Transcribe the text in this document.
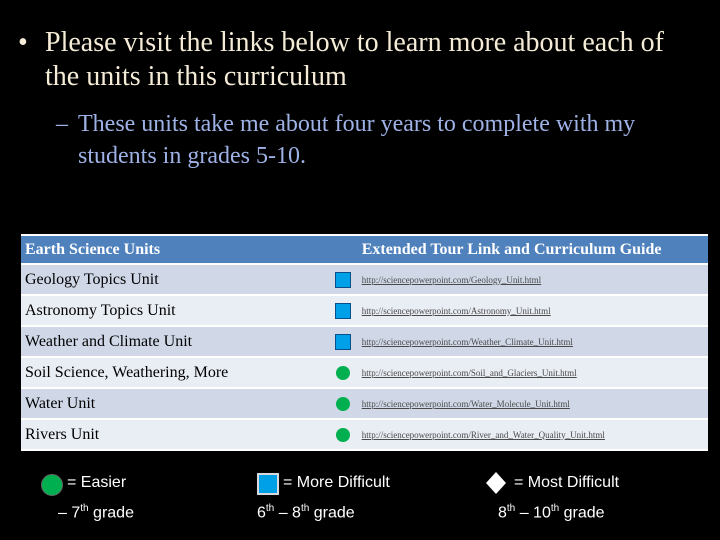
• Please visit the links below to learn more about each of the units in this curriculum
– These units take me about four years to complete with my students in grades 5-10.
Earth Science Units		Extended Tour Link and Curriculum Guide
Geology Topics Unit		http://sciencepowerpoint.com/Geology_Unit.html
Astronomy Topics Unit		http://sciencepowerpoint.com/Astronomy_Unit.html
Weather and Climate Unit		http://sciencepowerpoint.com/Weather_Climate_Unit.html
Soil Science, Weathering, More		http://sciencepowerpoint.com/Soil_and_Glaciers_Unit.html
Water Unit		http://sciencepowerpoint.com/Water_Molecule_Unit.html
Rivers Unit		http://sciencepowerpoint.com/River_and_Water_Quality_Unit.html
= Easier
– 7th grade
= More Difficult
6th – 8th grade
= Most Difficult
8th – 10th grade
